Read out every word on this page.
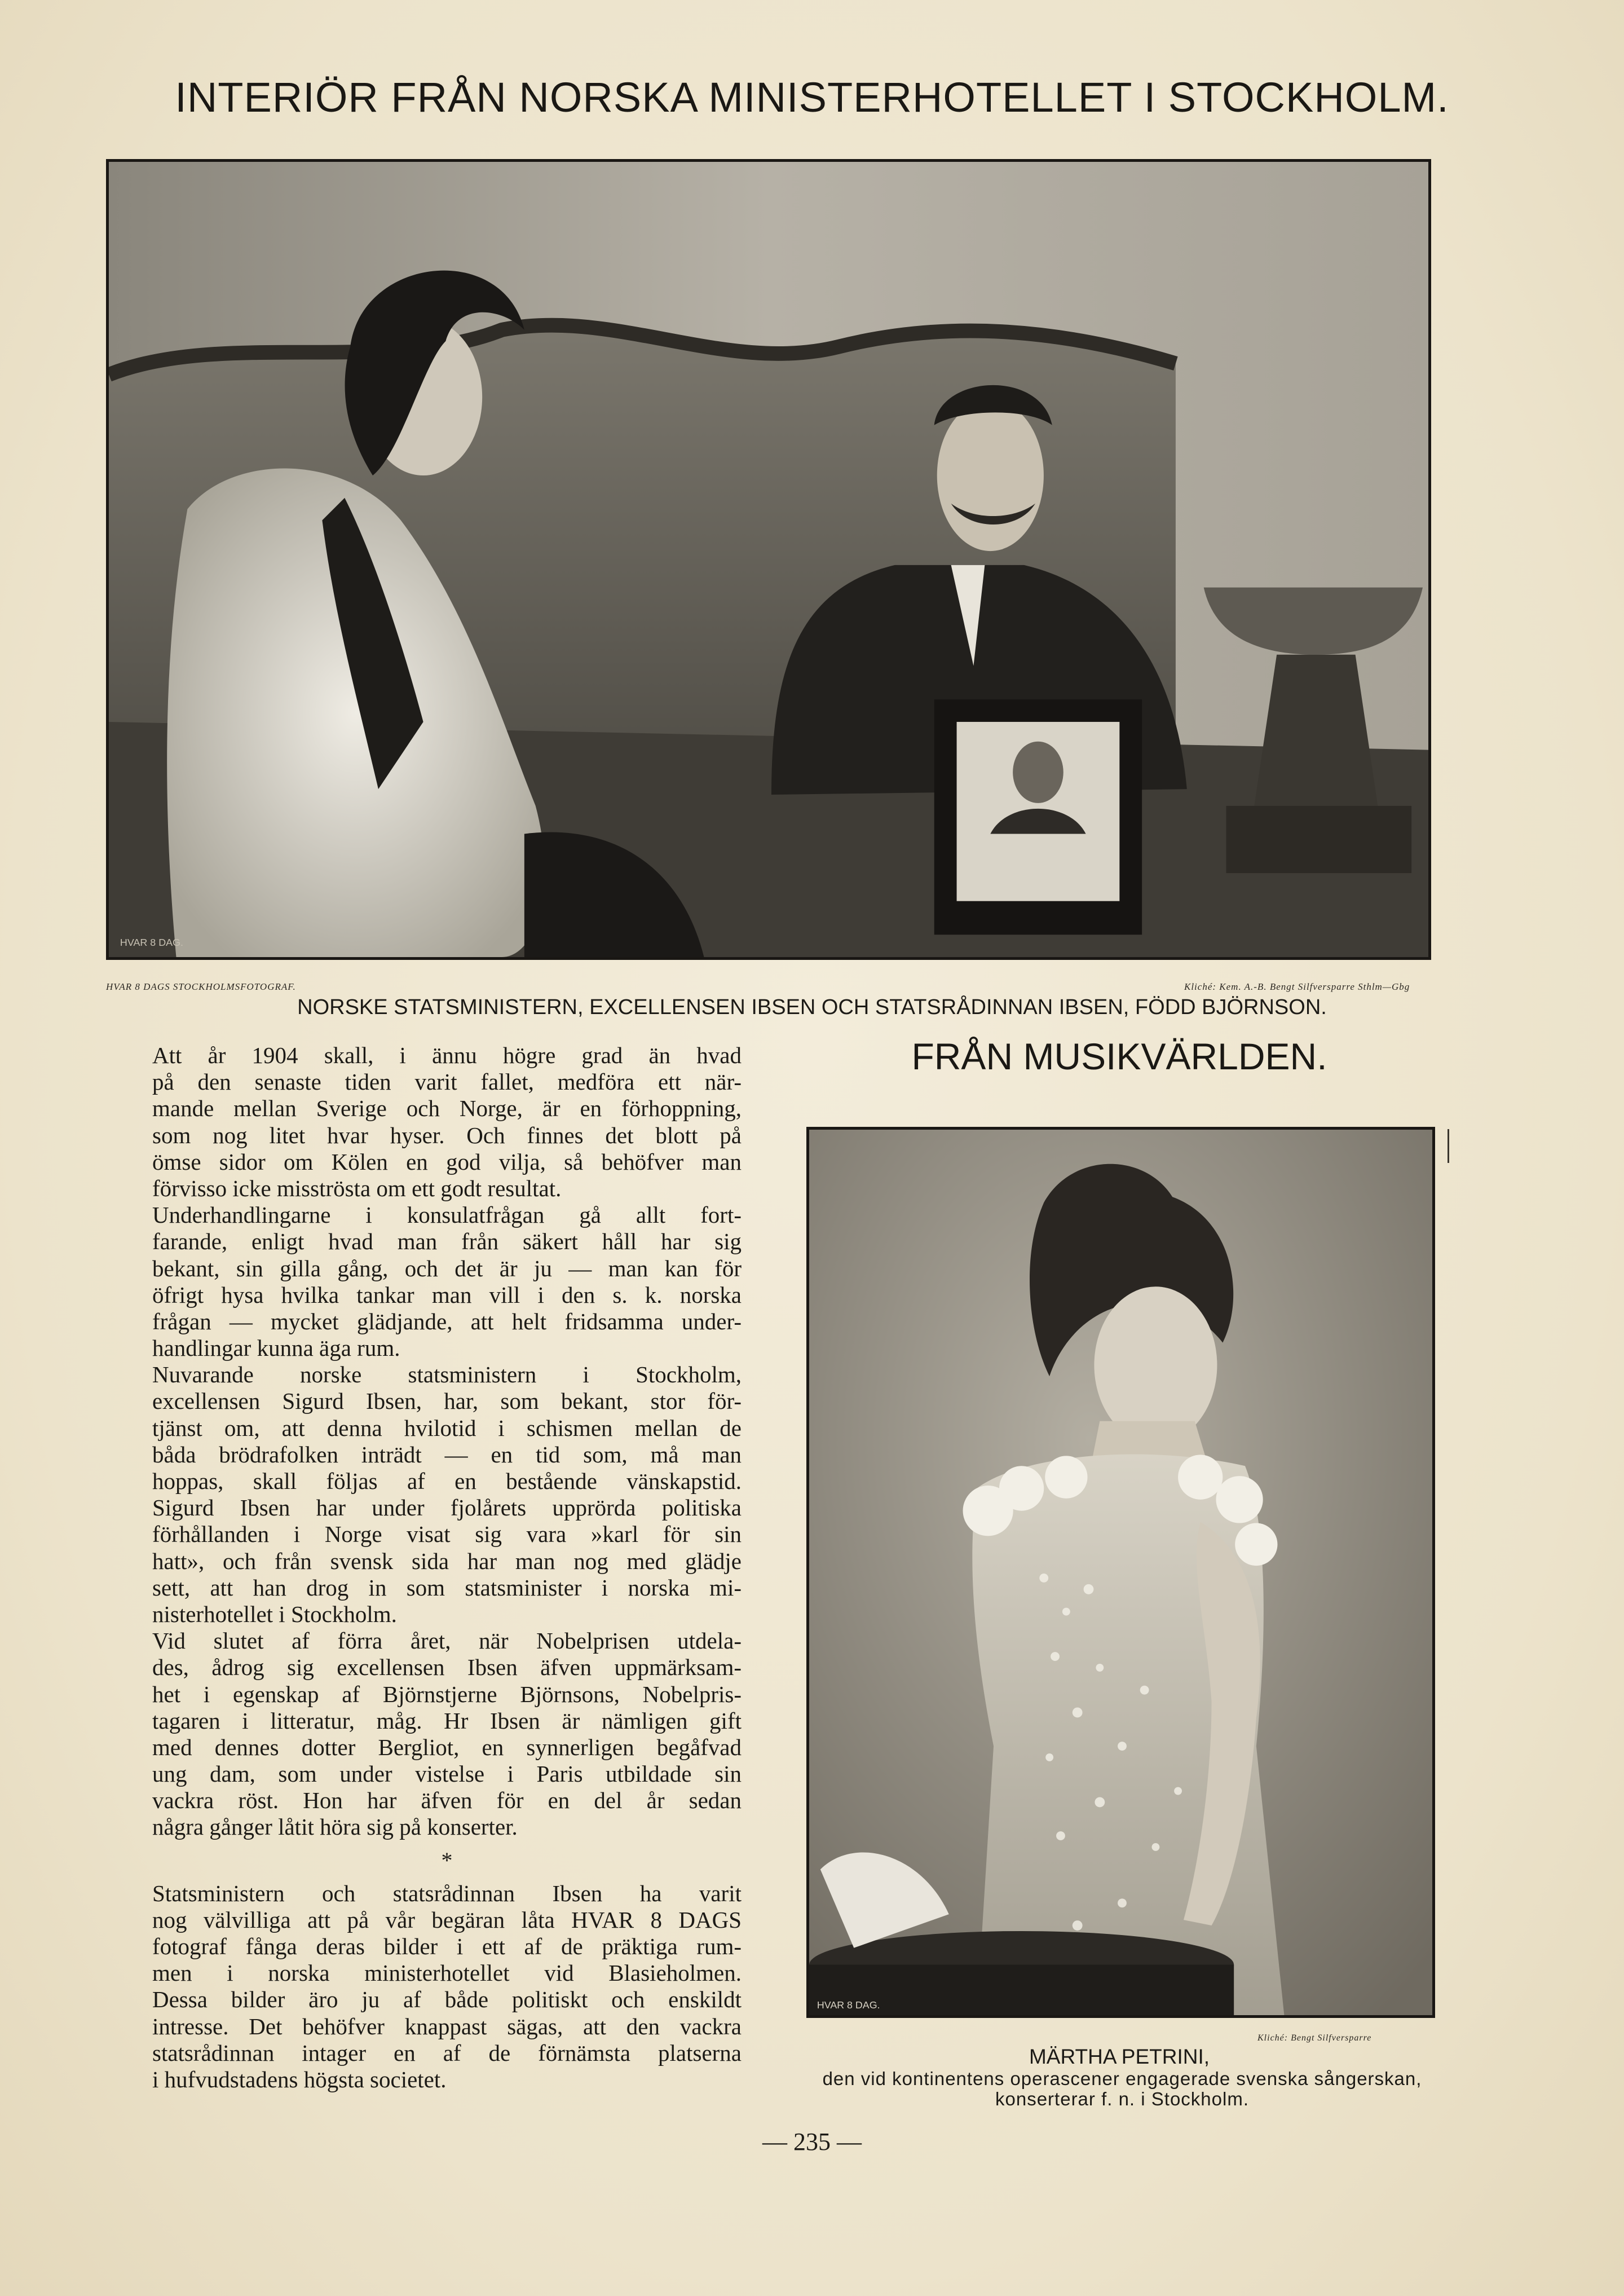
INTERIÖR FRÅN NORSKA MINISTERHOTELLET I STOCKHOLM.
HVAR 8 DAG.
HVAR 8 DAGS STOCKHOLMSFOTOGRAF.	Kliché: Kem. A.-B. Bengt Silfversparre Sthlm—Gbg
NORSKE STATSMINISTERN, EXCELLENSEN IBSEN OCH STATSRÅDINNAN IBSEN, FÖDD BJÖRNSON.
Att år 1904 skall, i ännu högre grad än hvad
på den senaste tiden varit fallet, medföra ett när-
mande mellan Sverige och Norge, är en förhoppning,
som nog litet hvar hyser. Och finnes det blott på
ömse sidor om Kölen en god vilja, så behöfver man
förvisso icke misströsta om ett godt resultat.
Underhandlingarne i konsulatfrågan gå allt fort-
farande, enligt hvad man från säkert håll har sig
bekant, sin gilla gång, och det är ju — man kan för
öfrigt hysa hvilka tankar man vill i den s. k. norska
frågan — mycket glädjande, att helt fridsamma under-
handlingar kunna äga rum.
Nuvarande norske statsministern i Stockholm,
excellensen Sigurd Ibsen, har, som bekant, stor för-
tjänst om, att denna hvilotid i schismen mellan de
båda brödrafolken inträdt — en tid som, må man
hoppas, skall följas af en bestående vänskapstid.
Sigurd Ibsen har under fjolårets upprörda politiska
förhållanden i Norge visat sig vara »karl för sin
hatt», och från svensk sida har man nog med glädje
sett, att han drog in som statsminister i norska mi-
nisterhotellet i Stockholm.
Vid slutet af förra året, när Nobelprisen utdela-
des, ådrog sig excellensen Ibsen äfven uppmärksam-
het i egenskap af Björnstjerne Björnsons, Nobelpris-
tagaren i litteratur, måg. Hr Ibsen är nämligen gift
med dennes dotter Bergliot, en synnerligen begåfvad
ung dam, som under vistelse i Paris utbildade sin
vackra röst. Hon har äfven för en del år sedan
några gånger låtit höra sig på konserter.
*
Statsministern och statsrådinnan Ibsen ha varit
nog välvilliga att på vår begäran låta HVAR 8 DAGS
fotograf fånga deras bilder i ett af de präktiga rum-
men i norska ministerhotellet vid Blasieholmen.
Dessa bilder äro ju af både politiskt och enskildt
intresse. Det behöfver knappast sägas, att den vackra
statsrådinnan intager en af de förnämsta platserna
i hufvudstadens högsta societet.
FRÅN MUSIKVÄRLDEN.
HVAR 8 DAG.
Kliché: Bengt Silfversparre
MÄRTHA PETRINI,
den vid kontinentens operascener engagerade svenska sångerskan, konserterar f. n. i Stockholm.
— 235 —
